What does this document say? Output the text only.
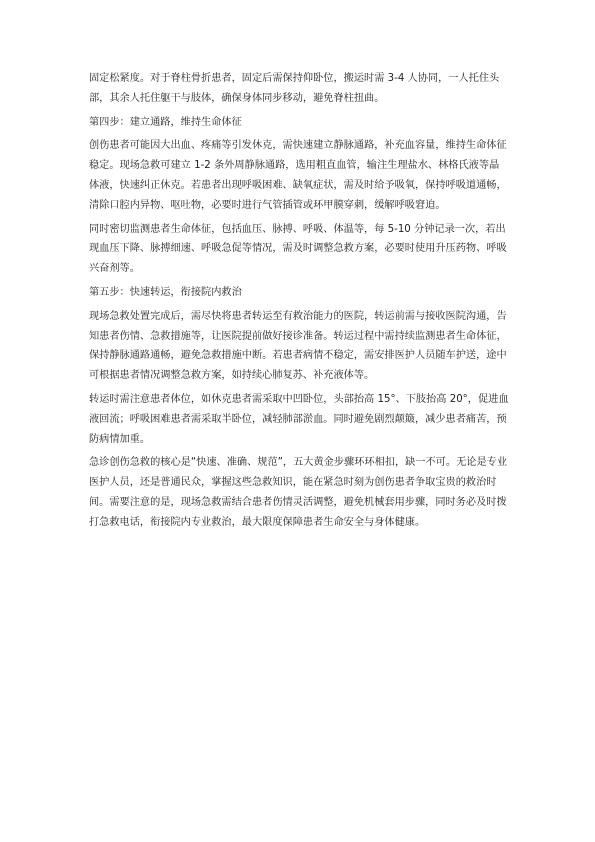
固定松紧度。对于脊柱骨折患者，固定后需保持仰卧位，搬运时需 3-4 人协同，一人托住头部，其余人托住躯干与肢体，确保身体同步移动，避免脊柱扭曲。

第四步：建立通路，维持生命体征

创伤患者可能因大出血、疼痛等引发休克，需快速建立静脉通路，补充血容量，维持生命体征稳定。现场急救可建立 1-2 条外周静脉通路，选用粗直血管，输注生理盐水、林格氏液等晶体液，快速纠正休克。若患者出现呼吸困难、缺氧症状，需及时给予吸氧，保持呼吸道通畅，清除口腔内异物、呕吐物，必要时进行气管插管或环甲膜穿刺，缓解呼吸窘迫。

同时密切监测患者生命体征，包括血压、脉搏、呼吸、体温等，每 5-10 分钟记录一次，若出现血压下降、脉搏细速、呼吸急促等情况，需及时调整急救方案，必要时使用升压药物、呼吸兴奋剂等。

第五步：快速转运，衔接院内救治

现场急救处置完成后，需尽快将患者转运至有救治能力的医院，转运前需与接收医院沟通，告知患者伤情、急救措施等，让医院提前做好接诊准备。转运过程中需持续监测患者生命体征，保持静脉通路通畅，避免急救措施中断。若患者病情不稳定，需安排医护人员随车护送，途中可根据患者情况调整急救方案，如持续心肺复苏、补充液体等。

转运时需注意患者体位，如休克患者需采取中凹卧位，头部抬高 15°、下肢抬高 20°，促进血液回流；呼吸困难患者需采取半卧位，减轻肺部淤血。同时避免剧烈颠簸，减少患者痛苦，预防病情加重。

急诊创伤急救的核心是“快速、准确、规范”，五大黄金步骤环环相扣，缺一不可。无论是专业医护人员，还是普通民众，掌握这些急救知识，能在紧急时刻为创伤患者争取宝贵的救治时间。需要注意的是，现场急救需结合患者伤情灵活调整，避免机械套用步骤，同时务必及时拨打急救电话，衔接院内专业救治，最大限度保障患者生命安全与身体健康。
